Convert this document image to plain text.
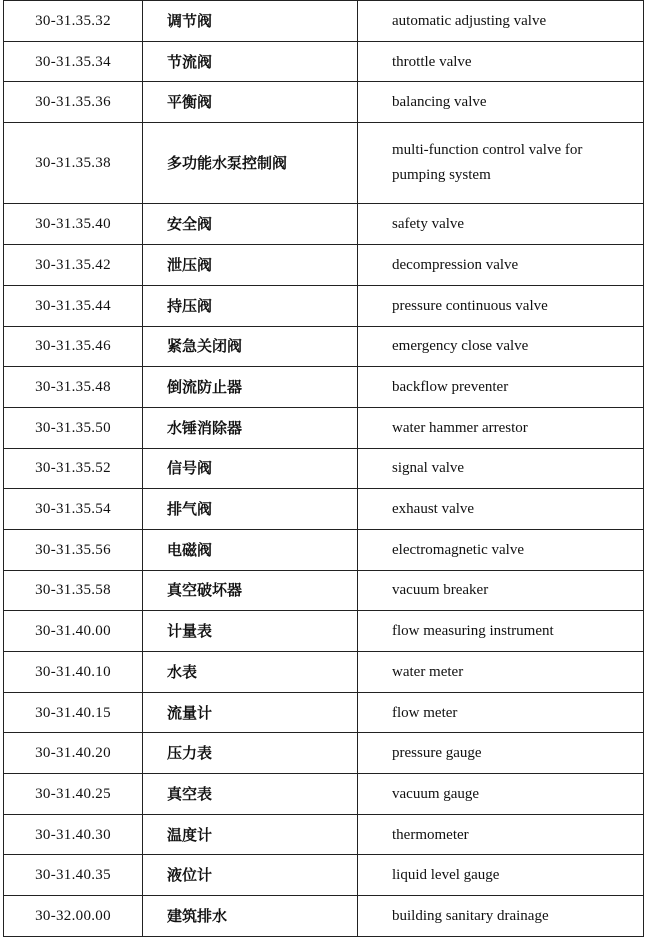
30-31.35.32	调节阀	automatic adjusting valve
30-31.35.34	节流阀	throttle valve
30-31.35.36	平衡阀	balancing valve
30-31.35.38	多功能水泵控制阀	multi-function control valve for pumping system
30-31.35.40	安全阀	safety valve
30-31.35.42	泄压阀	decompression valve
30-31.35.44	持压阀	pressure continuous valve
30-31.35.46	紧急关闭阀	emergency close valve
30-31.35.48	倒流防止器	backflow preventer
30-31.35.50	水锤消除器	water hammer arrestor
30-31.35.52	信号阀	signal valve
30-31.35.54	排气阀	exhaust valve
30-31.35.56	电磁阀	electromagnetic valve
30-31.35.58	真空破坏器	vacuum breaker
30-31.40.00	计量表	flow measuring instrument
30-31.40.10	水表	water meter
30-31.40.15	流量计	flow meter
30-31.40.20	压力表	pressure gauge
30-31.40.25	真空表	vacuum gauge
30-31.40.30	温度计	thermometer
30-31.40.35	液位计	liquid level gauge
30-32.00.00	建筑排水	building sanitary drainage
